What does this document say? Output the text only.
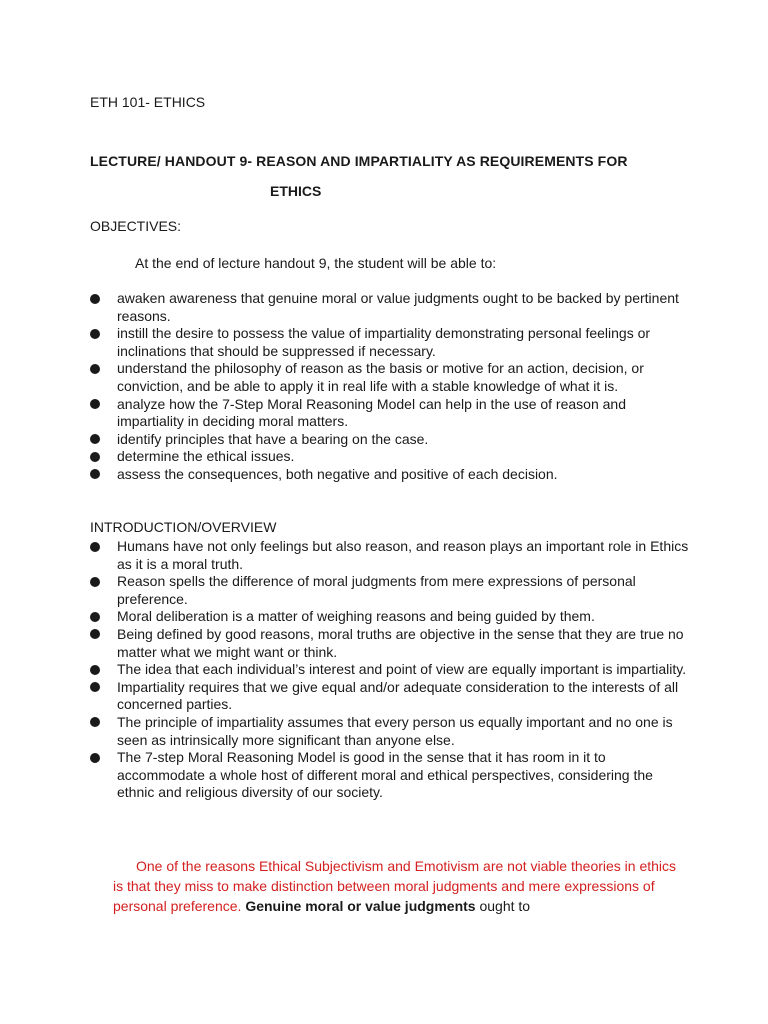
ETH 101- ETHICS
LECTURE/ HANDOUT 9- REASON AND IMPARTIALITY AS REQUIREMENTS FOR
ETHICS
OBJECTIVES:
At the end of lecture handout 9, the student will be able to:
awaken awareness that genuine moral or value judgments ought to be backed by pertinent reasons.
instill the desire to possess the value of impartiality demonstrating personal feelings or inclinations that should be suppressed if necessary.
understand the philosophy of reason as the basis or motive for an action, decision, or conviction, and be able to apply it in real life with a stable knowledge of what it is.
analyze how the 7-Step Moral Reasoning Model can help in the use of reason and impartiality in deciding moral matters.
identify principles that have a bearing on the case.
determine the ethical issues.
assess the consequences, both negative and positive of each decision.
INTRODUCTION/OVERVIEW
Humans have not only feelings but also reason, and reason plays an important role in Ethics as it is a moral truth.
Reason spells the difference of moral judgments from mere expressions of personal preference.
Moral deliberation is a matter of weighing reasons and being guided by them.
Being defined by good reasons, moral truths are objective in the sense that they are true no matter what we might want or think.
The idea that each individual’s interest and point of view are equally important is impartiality.
Impartiality requires that we give equal and/or adequate consideration to the interests of all concerned parties.
The principle of impartiality assumes that every person us equally important and no one is seen as intrinsically more significant than anyone else.
The 7-step Moral Reasoning Model is good in the sense that it has room in it to accommodate a whole host of different moral and ethical perspectives, considering the ethnic and religious diversity of our society.
One of the reasons Ethical Subjectivism and Emotivism are not viable theories in ethics is that they miss to make distinction between moral judgments and mere expressions of personal preference. Genuine moral or value judgments ought to
